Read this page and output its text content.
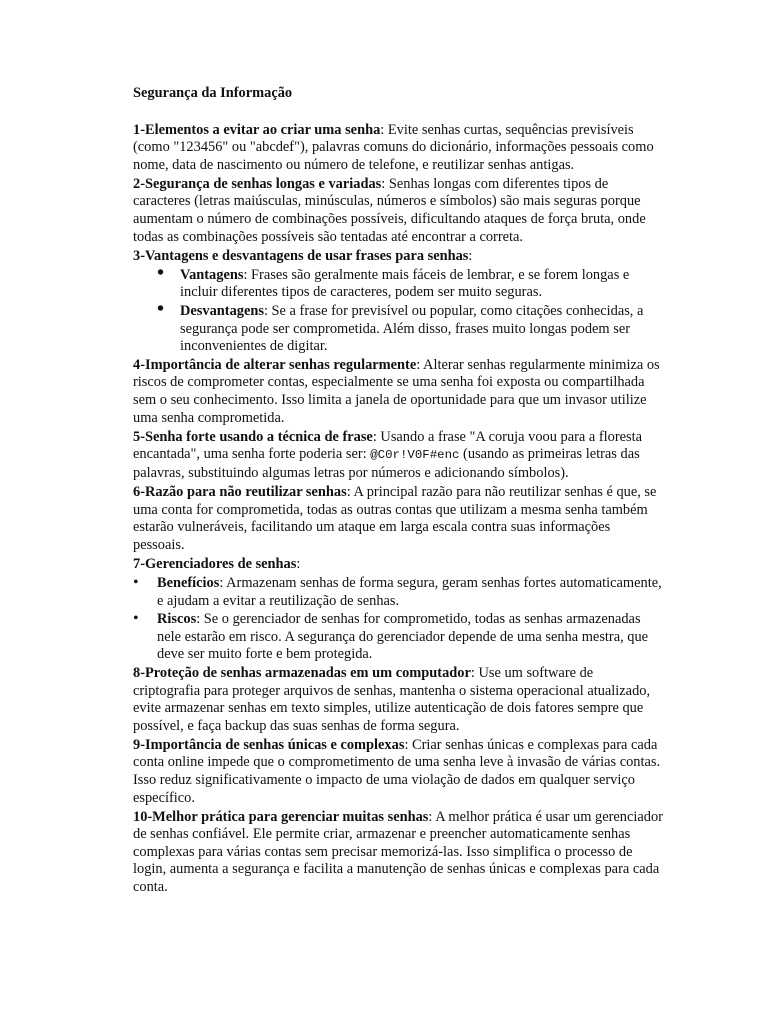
Segurança da Informação

1-Elementos a evitar ao criar uma senha: Evite senhas curtas, sequências previsíveis (como "123456" ou "abcdef"), palavras comuns do dicionário, informações pessoais como nome, data de nascimento ou número de telefone, e reutilizar senhas antigas.

2-Segurança de senhas longas e variadas: Senhas longas com diferentes tipos de caracteres (letras maiúsculas, minúsculas, números e símbolos) são mais seguras porque aumentam o número de combinações possíveis, dificultando ataques de força bruta, onde todas as combinações possíveis são tentadas até encontrar a correta.

3-Vantagens e desvantagens de usar frases para senhas:

• Vantagens: Frases são geralmente mais fáceis de lembrar, e se forem longas e incluir diferentes tipos de caracteres, podem ser muito seguras.
• Desvantagens: Se a frase for previsível ou popular, como citações conhecidas, a segurança pode ser comprometida. Além disso, frases muito longas podem ser inconvenientes de digitar.

4-Importância de alterar senhas regularmente: Alterar senhas regularmente minimiza os riscos de comprometer contas, especialmente se uma senha foi exposta ou compartilhada sem o seu conhecimento. Isso limita a janela de oportunidade para que um invasor utilize uma senha comprometida.

5-Senha forte usando a técnica de frase: Usando a frase "A coruja voou para a floresta encantada", uma senha forte poderia ser: @C0r!V0F#enc (usando as primeiras letras das palavras, substituindo algumas letras por números e adicionando símbolos).

6-Razão para não reutilizar senhas: A principal razão para não reutilizar senhas é que, se uma conta for comprometida, todas as outras contas que utilizam a mesma senha também estarão vulneráveis, facilitando um ataque em larga escala contra suas informações pessoais.

7-Gerenciadores de senhas:

• Benefícios: Armazenam senhas de forma segura, geram senhas fortes automaticamente, e ajudam a evitar a reutilização de senhas.
• Riscos: Se o gerenciador de senhas for comprometido, todas as senhas armazenadas nele estarão em risco. A segurança do gerenciador depende de uma senha mestra, que deve ser muito forte e bem protegida.

8-Proteção de senhas armazenadas em um computador: Use um software de criptografia para proteger arquivos de senhas, mantenha o sistema operacional atualizado, evite armazenar senhas em texto simples, utilize autenticação de dois fatores sempre que possível, e faça backup das suas senhas de forma segura.

9-Importância de senhas únicas e complexas: Criar senhas únicas e complexas para cada conta online impede que o comprometimento de uma senha leve à invasão de várias contas. Isso reduz significativamente o impacto de uma violação de dados em qualquer serviço específico.

10-Melhor prática para gerenciar muitas senhas: A melhor prática é usar um gerenciador de senhas confiável. Ele permite criar, armazenar e preencher automaticamente senhas complexas para várias contas sem precisar memorizá-las. Isso simplifica o processo de login, aumenta a segurança e facilita a manutenção de senhas únicas e complexas para cada conta.
